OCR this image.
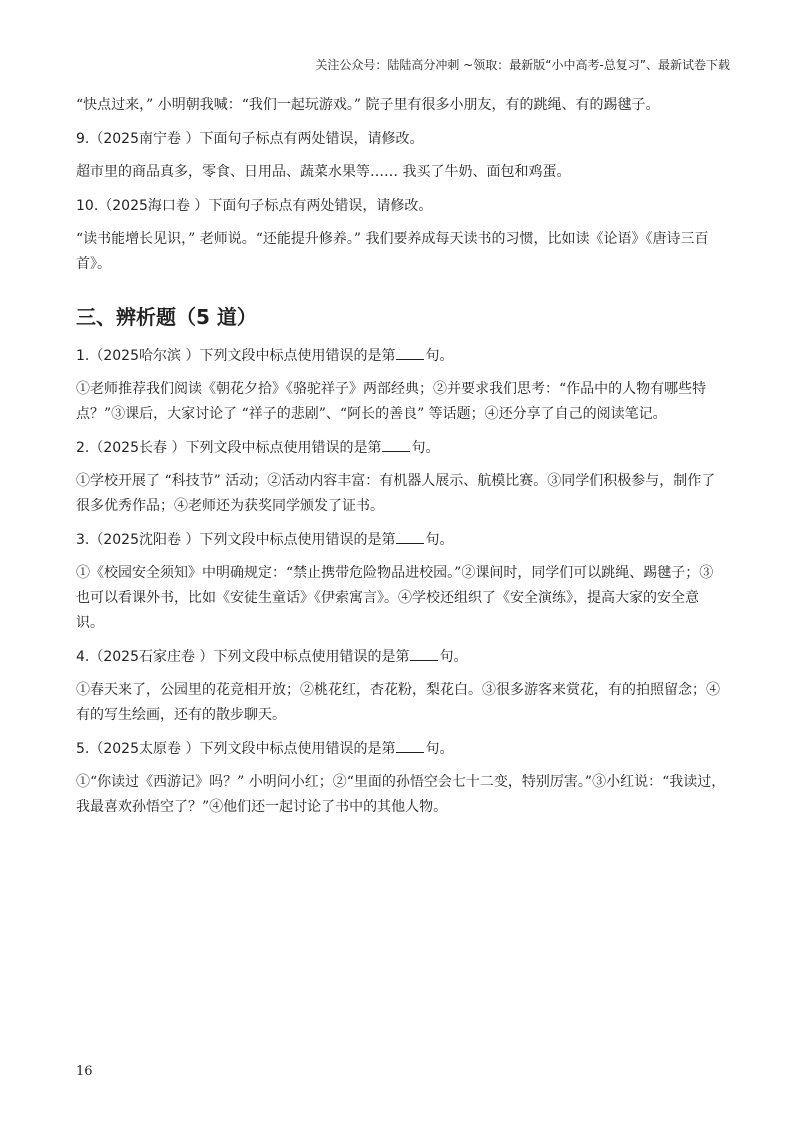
关注公众号：陆陆高分冲刺 ~领取：最新版“小中高考-总复习”、最新试卷下载

“快点过来，” 小明朝我喊：“我们一起玩游戏。” 院子里有很多小朋友，有的跳绳、有的踢毽子。

9.（2025南宁卷 ）下面句子标点有两处错误，请修改。

超市里的商品真多，零食、日用品、蔬菜水果等…… 我买了牛奶、面包和鸡蛋。

10.（2025海口卷 ）下面句子标点有两处错误，请修改。

“读书能增长见识，” 老师说。“还能提升修养。” 我们要养成每天读书的习惯，比如读《论语》《唐诗三百首》。

三、辨析题（5 道）

1.（2025哈尔滨 ）下列文段中标点使用错误的是第 句。

①老师推荐我们阅读《朝花夕拾》《骆驼祥子》两部经典；②并要求我们思考：“作品中的人物有哪些特点？”③课后，大家讨论了 “祥子的悲剧”、“阿长的善良” 等话题；④还分享了自己的阅读笔记。

2.（2025长春 ）下列文段中标点使用错误的是第 句。

①学校开展了 “科技节” 活动；②活动内容丰富：有机器人展示、航模比赛。③同学们积极参与，制作了很多优秀作品；④老师还为获奖同学颁发了证书。

3.（2025沈阳卷 ）下列文段中标点使用错误的是第 句。

①《校园安全须知》中明确规定：“禁止携带危险物品进校园。”②课间时，同学们可以跳绳、踢毽子；③也可以看课外书，比如《安徒生童话》《伊索寓言》。④学校还组织了《安全演练》，提高大家的安全意识。

4.（2025石家庄卷 ）下列文段中标点使用错误的是第 句。

①春天来了，公园里的花竞相开放；②桃花红，杏花粉，梨花白。③很多游客来赏花，有的拍照留念；④有的写生绘画，还有的散步聊天。

5.（2025太原卷 ）下列文段中标点使用错误的是第 句。

①“你读过《西游记》吗？” 小明问小红；②“里面的孙悟空会七十二变，特别厉害。”③小红说：“我读过，我最喜欢孙悟空了？”④他们还一起讨论了书中的其他人物。

16
